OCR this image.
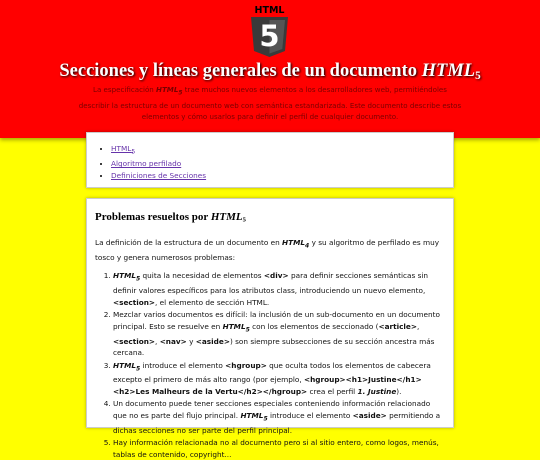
HTML
5
Secciones y líneas generales de un documento $HTML_5$

La especificación $HTML_5$ trae muchos nuevos elementos a los desarrolladores web, permitiéndoles describir la estructura de un documento web con semántica estandarizada. Este documento describe estos elementos y cómo usarlos para definir el perfil de cualquier documento.

• $HTML_5$
• Algoritmo perfilado
• Definiciones de Secciones
Problemas resueltos por $HTML_5$

La definición de la estructura de un documento en $HTML_4$ y su algoritmo de perfilado es muy tosco y genera numerosos problemas:

1. $HTML_5$ quita la necesidad de elementos <div> para definir secciones semánticas sin definir valores específicos para los atributos class, introduciendo un nuevo elemento, <section>, el elemento de sección HTML.
2. Mezclar varios documentos es difícil: la inclusión de un sub-documento en un documento principal. Esto se resuelve en $HTML_5$ con los elementos de seccionado (<article>, <section>, <nav> y <aside>) son siempre subsecciones de su sección ancestra más cercana.
3. $HTML_5$ introduce el elemento <hgroup> que oculta todos los elementos de cabecera excepto el primero de más alto rango (por ejemplo, <hgroup><h1>Justine</h1><h2>Les Malheurs de la Vertu</h2></hgroup> crea el perfil 1. Justine).
4. Un documento puede tener secciones especiales conteniendo información relacionado que no es parte del flujo principal. $HTML_5$ introduce el elemento <aside> permitiendo a dichas secciones no ser parte del perfil principal.
5. Hay información relacionada no al documento pero si al sitio entero, como logos, menús, tablas de contenido, copyright...
